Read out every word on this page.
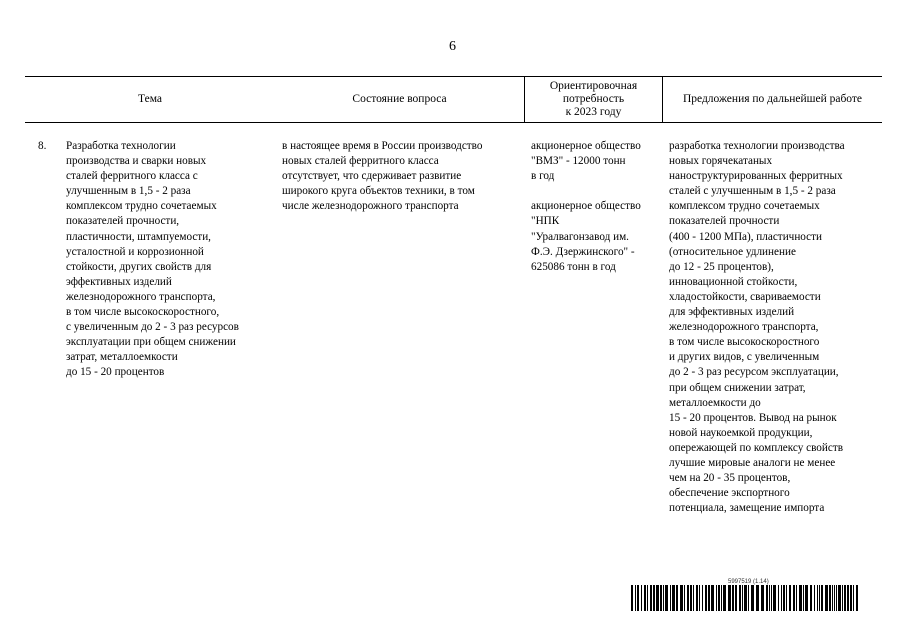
6
Тема	Состояние вопроса
Ориентировочная
потребность
к 2023 году
Предложения по дальнейшей работе
8. Разработка технологии
производства и сварки новых
сталей ферритного класса с
улучшенным в 1,5 - 2 раза
комплексом трудно сочетаемых
показателей прочности,
пластичности, штампуемости,
усталостной и коррозионной
стойкости, других свойств для
эффективных изделий
железнодорожного транспорта,
в том числе высокоскоростного,
с увеличенным до 2 - 3 раз ресурсов
эксплуатации при общем снижении
затрат, металлоемкости
до 15 - 20 процентов
в настоящее время в России производство
новых сталей ферритного класса
отсутствует, что сдерживает развитие
широкого круга объектов техники, в том
числе железнодорожного транспорта
акционерное общество
"ВМЗ" - 12000 тонн
в год

акционерное общество
"НПК
"Уралвагонзавод им.
Ф.Э. Дзержинского" -
625086 тонн в год
разработка технологии производства
новых горячекатаных
наноструктурированных ферритных
сталей с улучшенным в 1,5 - 2 раза
комплексом трудно сочетаемых
показателей прочности
(400 - 1200 МПа), пластичности
(относительное удлинение
до 12 - 25 процентов),
инновационной стойкости,
хладостойкости, свариваемости
для эффективных изделий
железнодорожного транспорта,
в том числе высокоскоростного
и других видов, с увеличенным
до 2 - 3 раз ресурсом эксплуатации,
при общем снижении затрат,
металлоемкости до
15 - 20 процентов. Вывод на рынок
новой наукоемкой продукции,
опережающей по комплексу свойств
лучшие мировые аналоги не менее
чем на 20 - 35 процентов,
обеспечение экспортного
потенциала, замещение импорта
5997519 (1.14)
